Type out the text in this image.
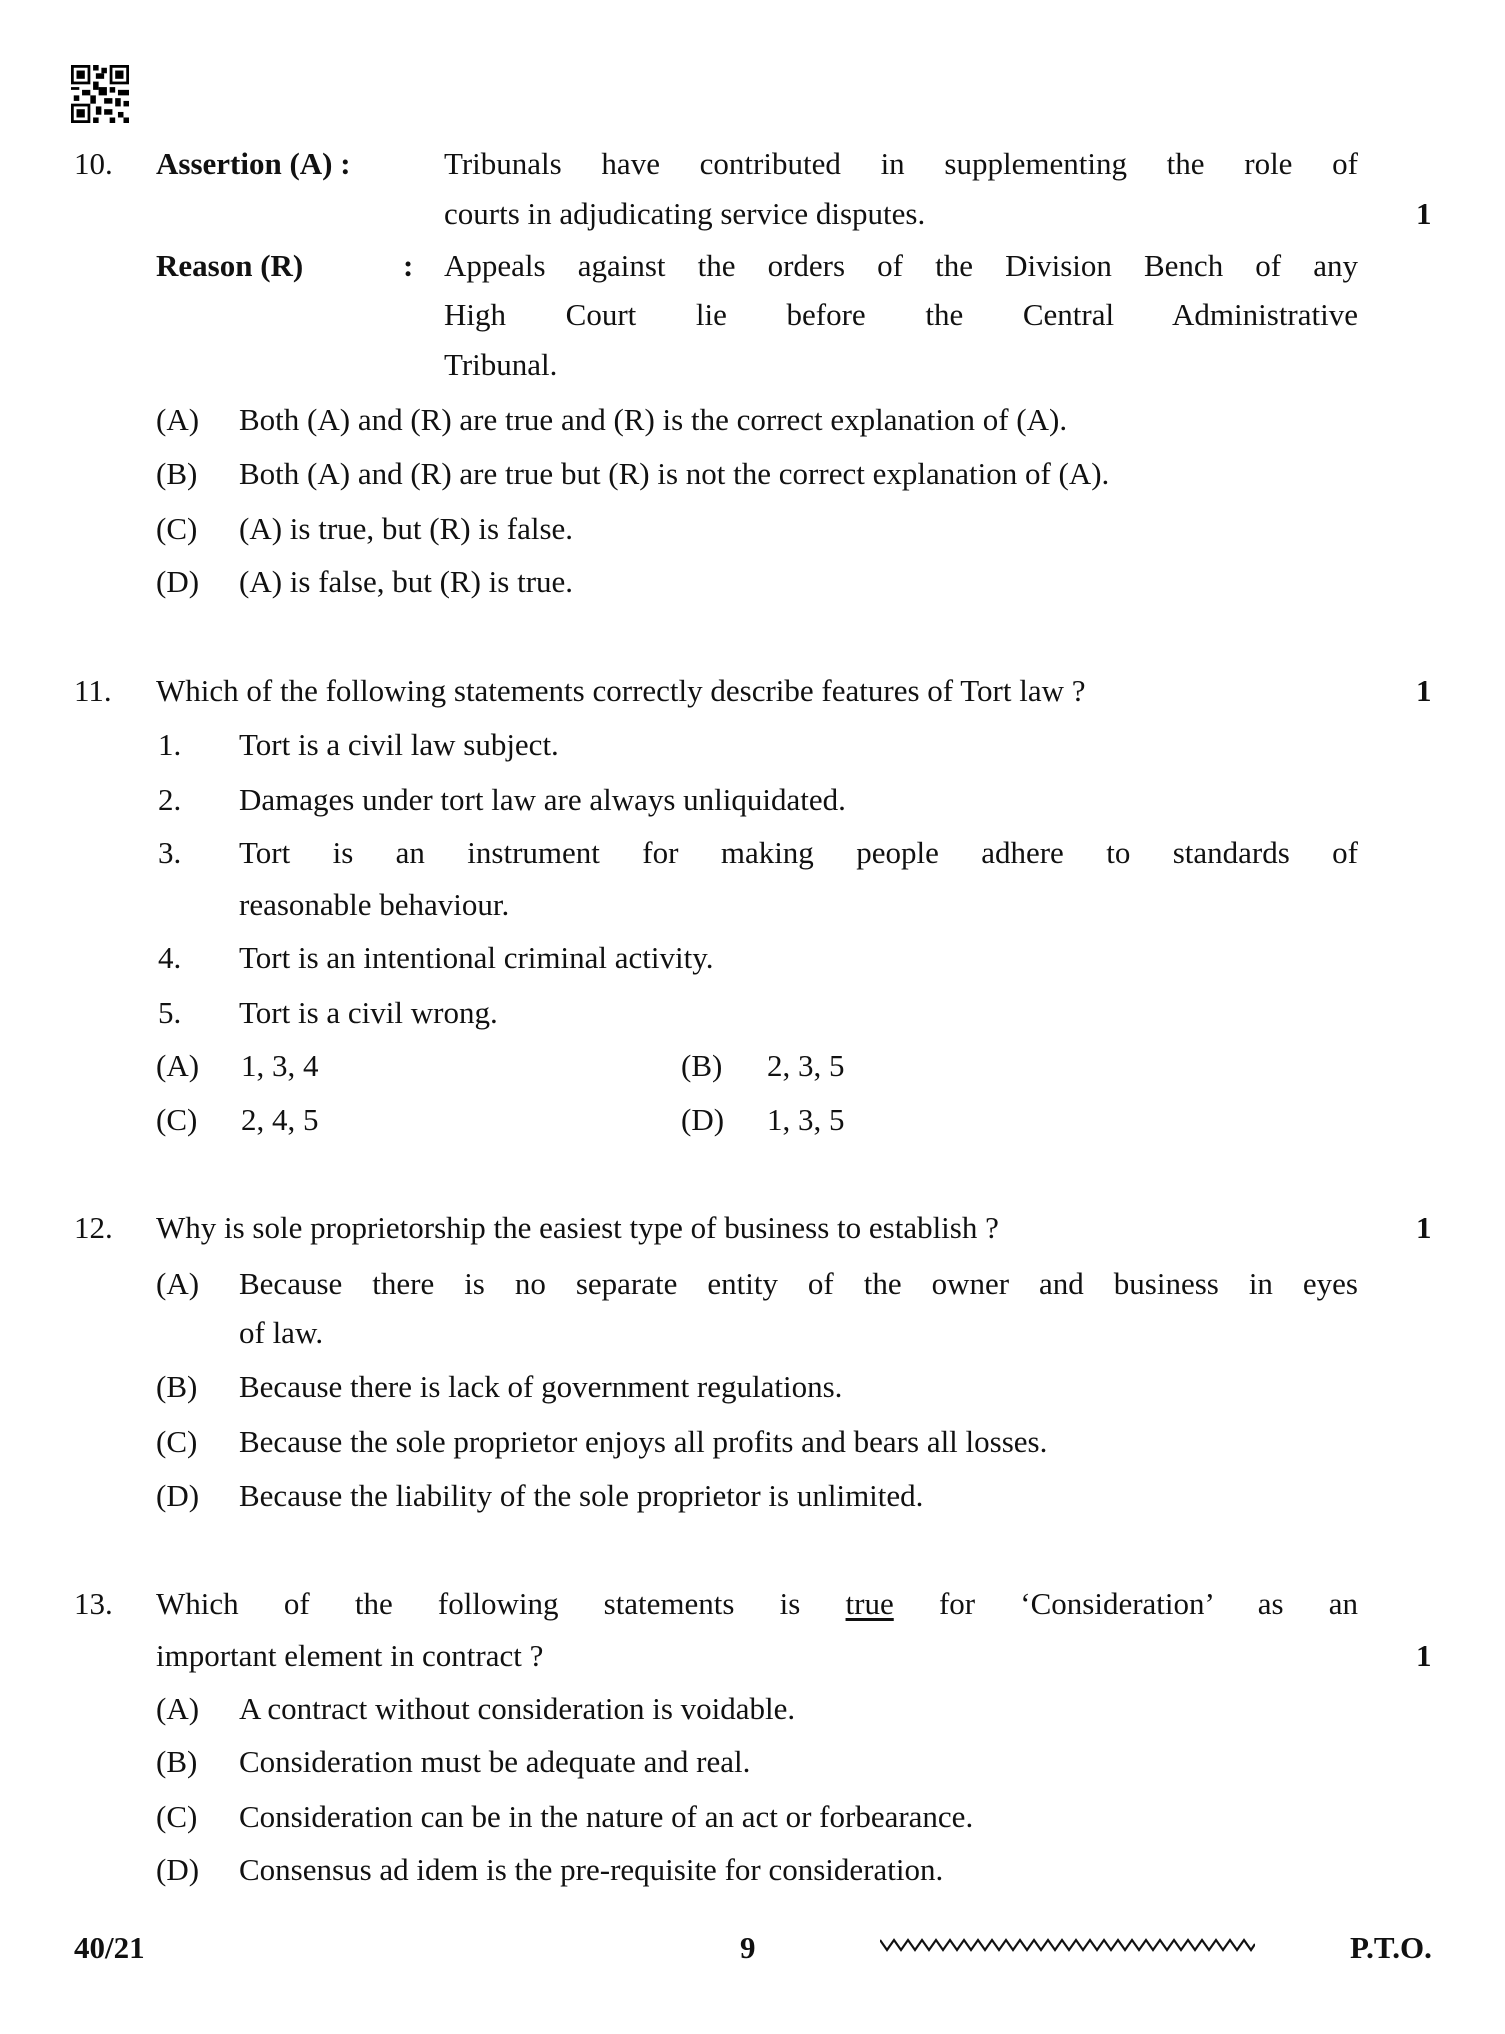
10. Assertion (A) :	Tribunals have contributed in supplementing the role of
courts in adjudicating service disputes.	1
Reason (R)	: Appeals against the orders of the Division Bench of any
High Court lie before the Central Administrative
Tribunal.
(A) Both (A) and (R) are true and (R) is the correct explanation of (A).
(B) Both (A) and (R) are true but (R) is not the correct explanation of (A).
(C) (A) is true, but (R) is false.
(D) (A) is false, but (R) is true.
11. Which of the following statements correctly describe features of Tort law ?	1
1. Tort is a civil law subject.
2. Damages under tort law are always unliquidated.
3. Tort is an instrument for making people adhere to standards of
reasonable behaviour.
4. Tort is an intentional criminal activity.
5. Tort is a civil wrong.
(A) 1, 3, 4	(B) 2, 3, 5
(C) 2, 4, 5	(D) 1, 3, 5
12. Why is sole proprietorship the easiest type of business to establish ?	1
(A) Because there is no separate entity of the owner and business in eyes
of law.
(B) Because there is lack of government regulations.
(C) Because the sole proprietor enjoys all profits and bears all losses.
(D) Because the liability of the sole proprietor is unlimited.
13. Which of the following statements is true for ‘Consideration’ as an
important element in contract ?	1
(A) A contract without consideration is voidable.
(B) Consideration must be adequate and real.
(C) Consideration can be in the nature of an act or forbearance.
(D) Consensus ad idem is the pre-requisite for consideration.
40/21	9	P.T.O.
